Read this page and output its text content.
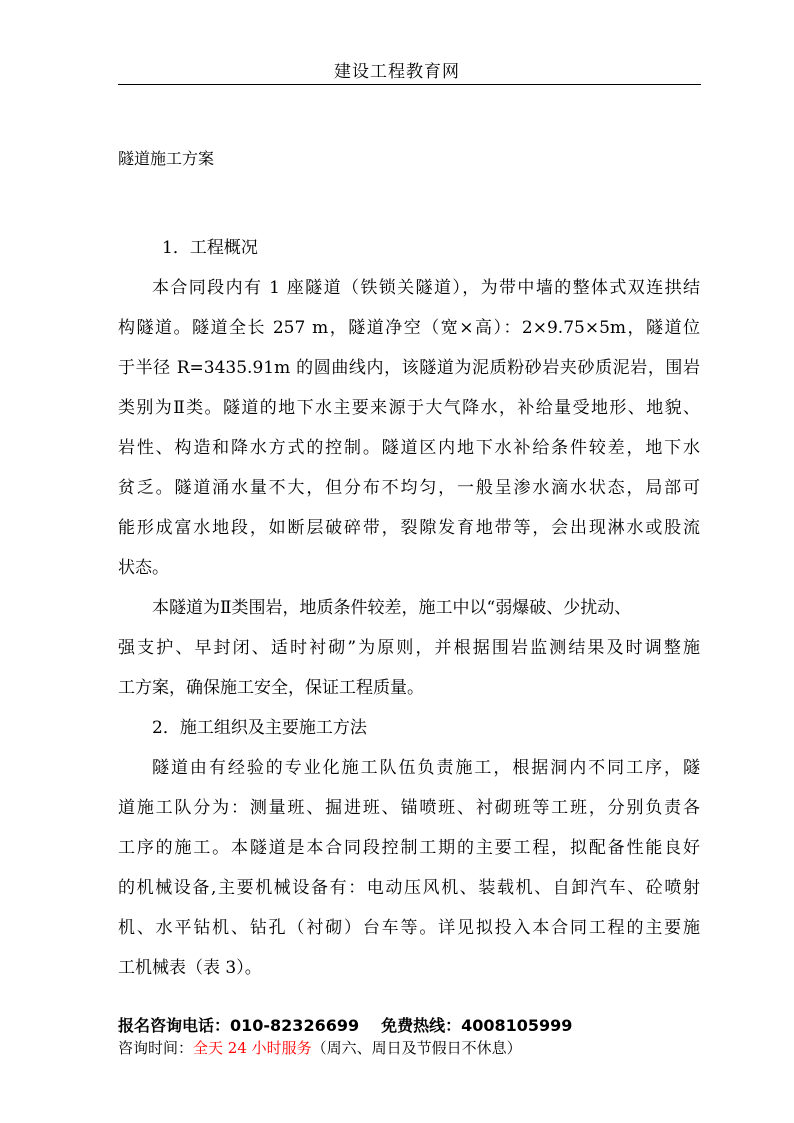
建设工程教育网
隧道施工方案
1．工程概况
本合同段内有 1 座隧道（铁锁关隧道），为带中墙的整体式双连拱结
构隧道。隧道全长 257 m，隧道净空（宽×高）：2×9.75×5m，隧道位
于半径 R=3435.91m 的圆曲线内，该隧道为泥质粉砂岩夹砂质泥岩，围岩
类别为Ⅱ类。隧道的地下水主要来源于大气降水，补给量受地形、地貌、
岩性、构造和降水方式的控制。隧道区内地下水补给条件较差，地下水
贫乏。隧道涌水量不大，但分布不均匀，一般呈渗水滴水状态，局部可
能形成富水地段，如断层破碎带，裂隙发育地带等，会出现淋水或股流
状态。
本隧道为Ⅱ类围岩，地质条件较差，施工中以“弱爆破、少扰动、
强支护、早封闭、适时衬砌”为原则，并根据围岩监测结果及时调整施
工方案，确保施工安全，保证工程质量。
2．施工组织及主要施工方法
隧道由有经验的专业化施工队伍负责施工，根据洞内不同工序，隧
道施工队分为：测量班、掘进班、锚喷班、衬砌班等工班，分别负责各
工序的施工。本隧道是本合同段控制工期的主要工程，拟配备性能良好
的机械设备,主要机械设备有：电动压风机、装载机、自卸汽车、砼喷射
机、水平钻机、钻孔（衬砌）台车等。详见拟投入本合同工程的主要施
工机械表（表 3）。
报名咨询电话：010-82326699 免费热线：4008105999
咨询时间：全天 24 小时服务（周六、周日及节假日不休息）
